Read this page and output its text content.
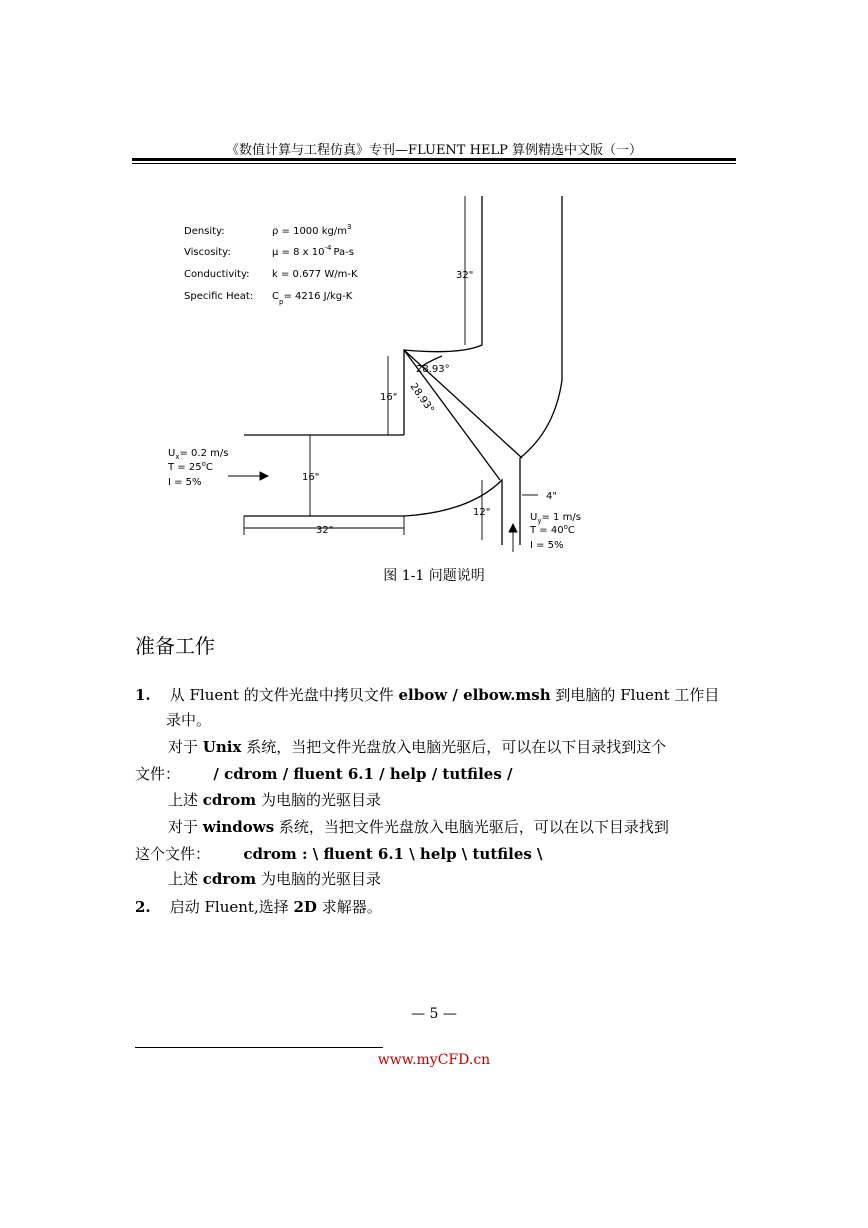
《数值计算与工程仿真》专刊—FLUENT HELP 算例精选中文版（一）
Density:	ρ = 1000 $kg/m^3$
Viscosity:	μ = 8 x $10^{-4}$ Pa-s
Conductivity: k = 0.677 W/m-K
Specific Heat: $C_p= 4216$ J/kg-K
32"
16"
16"
32"
12"
4"
28.93°
28.93°
$U_x= 0.2$ m/s
$T = 25^oC$
I = 5%
$U_y= 1$ m/s
$T = 40^oC$
I = 5%
图 1-1 问题说明
准备工作
1. 从 Fluent 的文件光盘中拷贝文件 elbow / elbow.msh 到电脑的 Fluent 工作目
录中。
对于 Unix 系统，当把文件光盘放入电脑光驱后，可以在以下目录找到这个
文件： / cdrom / fluent 6.1 / help / tutfiles /
上述 cdrom 为电脑的光驱目录
对于 windows 系统，当把文件光盘放入电脑光驱后，可以在以下目录找到
这个文件： cdrom : \ fluent 6.1 \ help \ tutfiles \
上述 cdrom 为电脑的光驱目录
2. 启动 Fluent,选择 2D 求解器。
— 5 —
www.myCFD.cn
